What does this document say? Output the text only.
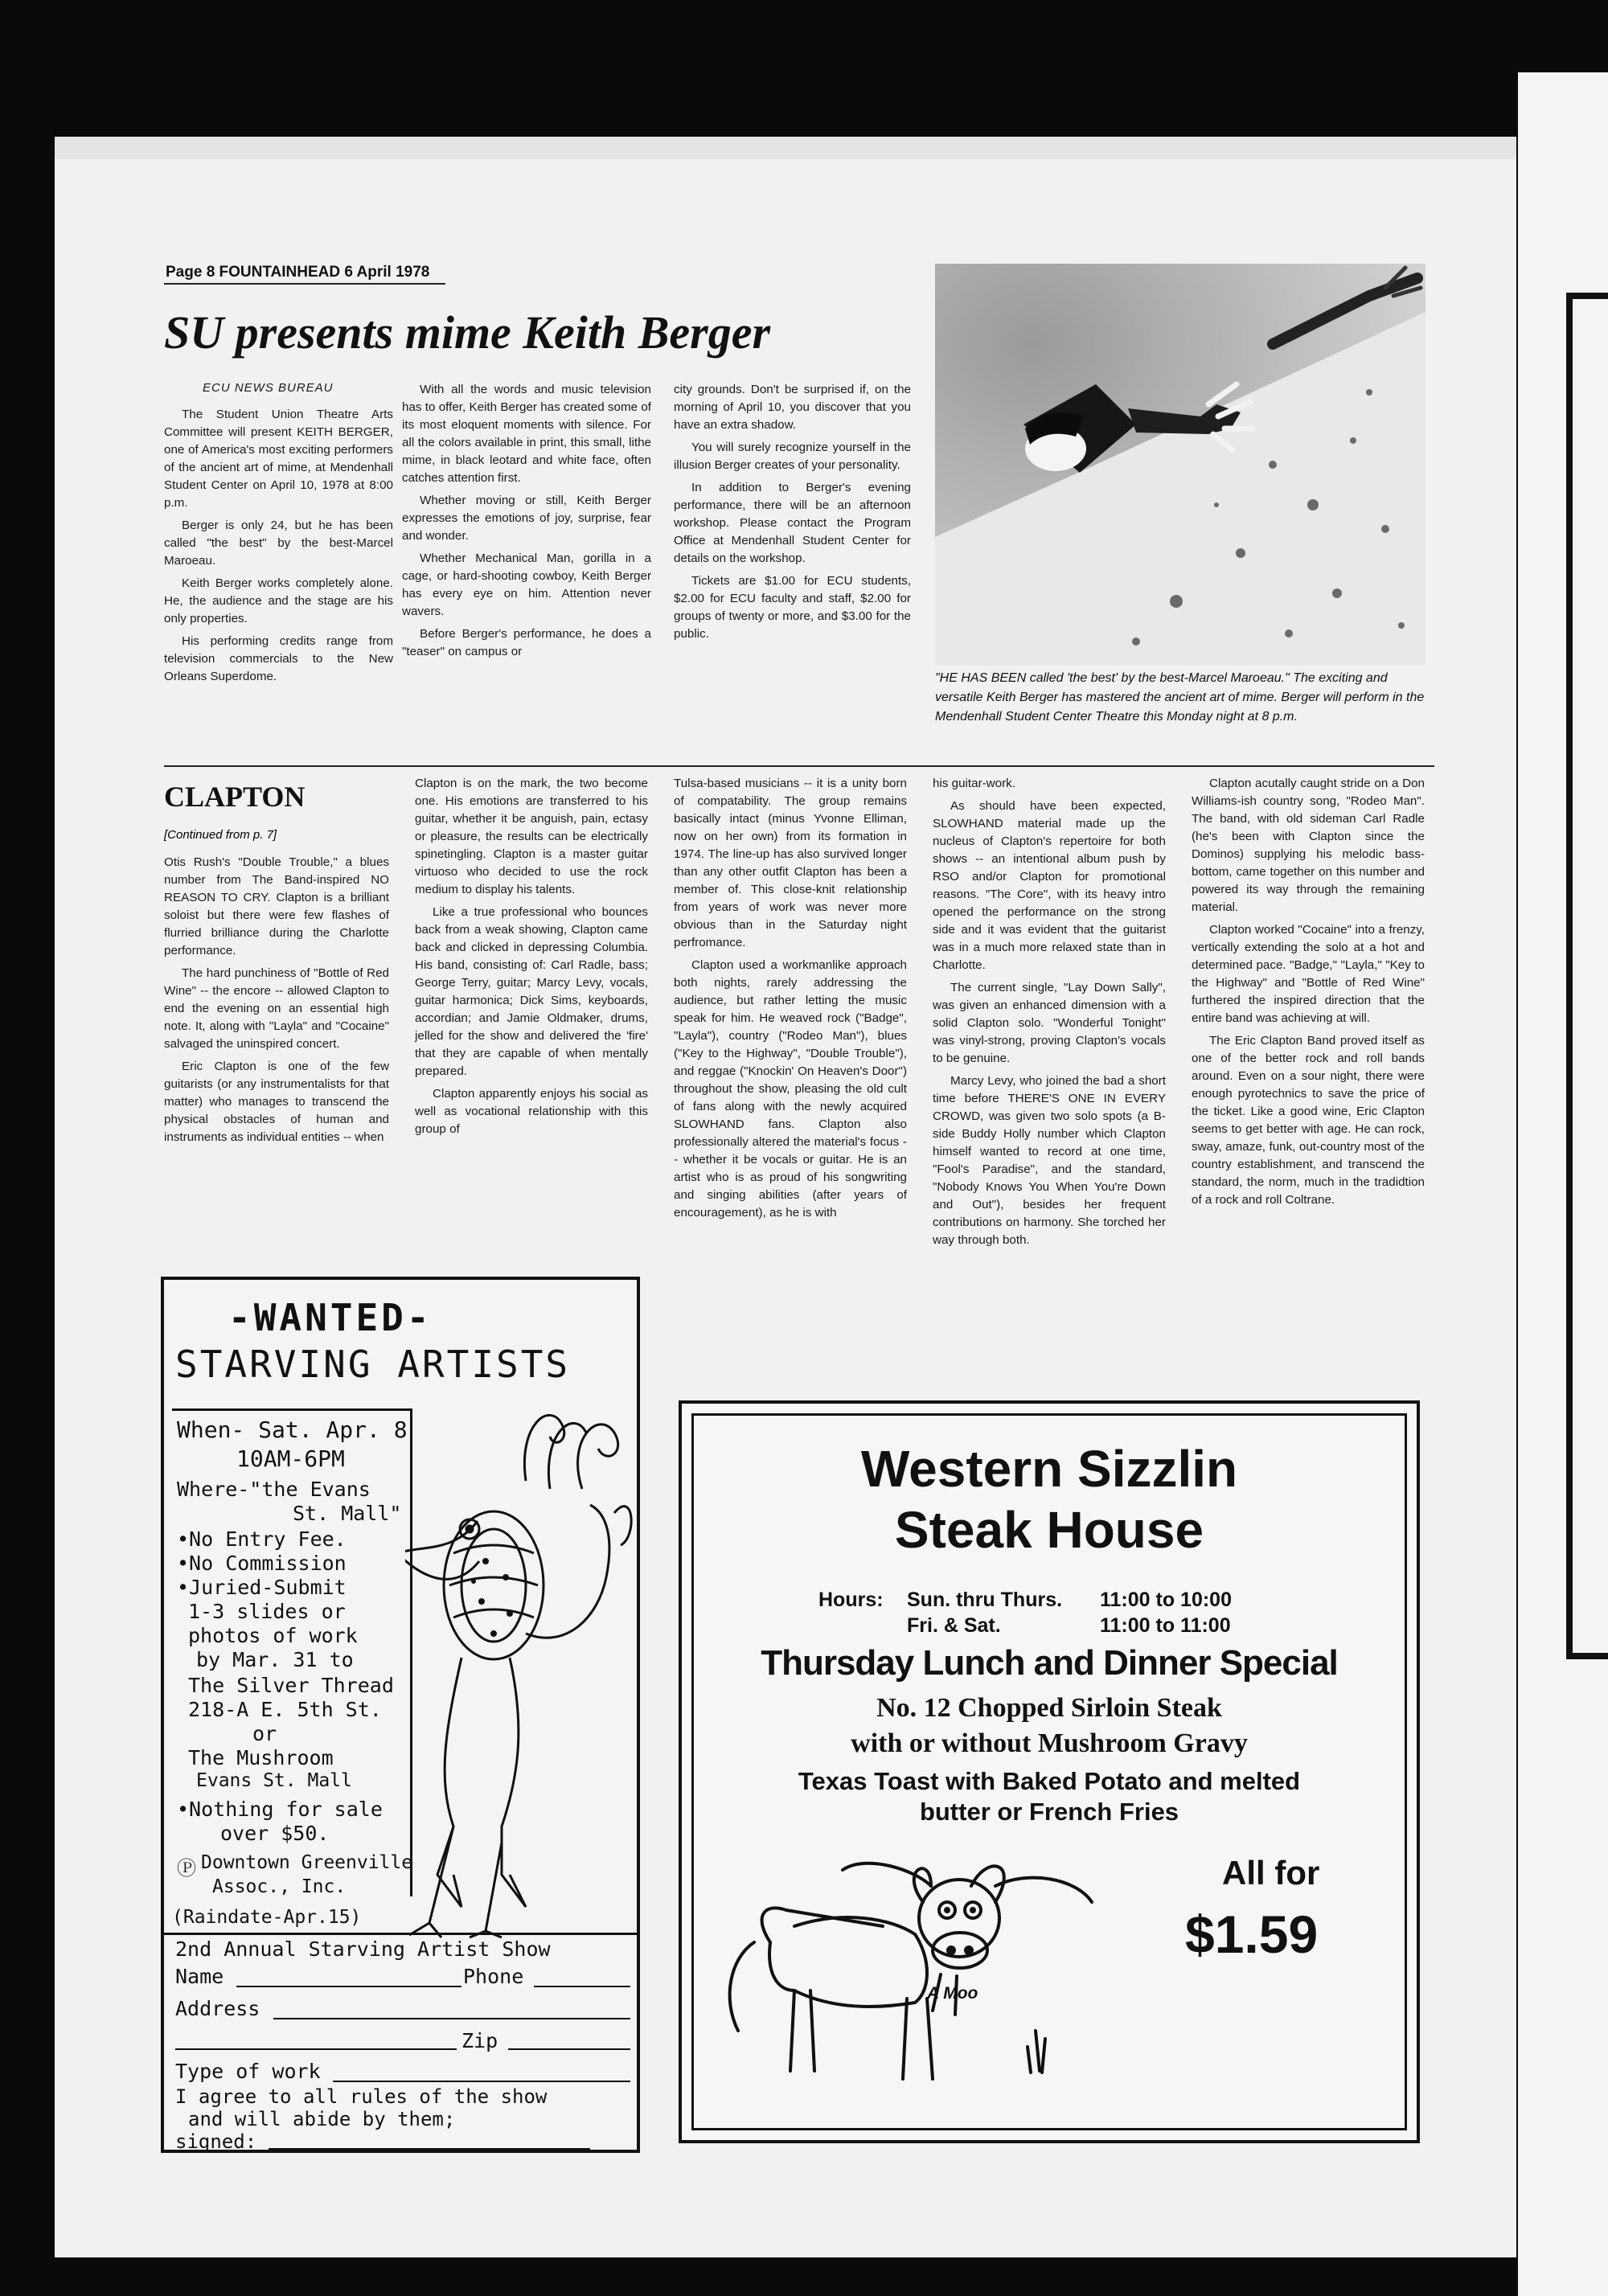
Page 8 FOUNTAINHEAD 6 April 1978
SU presents mime Keith Berger
ECU NEWS BUREAU

The Student Union Theatre Arts Committee will present KEITH BERGER, one of America's most exciting performers of the ancient art of mime, at Mendenhall Student Center on April 10, 1978 at 8:00 p.m.

Berger is only 24, but he has been called "the best" by the best-Marcel Maroeau.

Keith Berger works completely alone. He, the audience and the stage are his only properties.

His performing credits range from television commercials to the New Orleans Superdome.

With all the words and music television has to offer, Keith Berger has created some of its most eloquent moments with silence. For all the colors available in print, this small, lithe mime, in black leotard and white face, often catches attention first.

Whether moving or still, Keith Berger expresses the emotions of joy, surprise, fear and wonder.

Whether Mechanical Man, gorilla in a cage, or hard-shooting cowboy, Keith Berger has every eye on him. Attention never wavers.

Before Berger's performance, he does a "teaser" on campus or

city grounds. Don't be surprised if, on the morning of April 10, you discover that you have an extra shadow.

You will surely recognize yourself in the illusion Berger creates of your personality.

In addition to Berger's evening performance, there will be an afternoon workshop. Please contact the Program Office at Mendenhall Student Center for details on the workshop.

Tickets are $1.00 for ECU students, $2.00 for ECU faculty and staff, $2.00 for groups of twenty or more, and $3.00 for the public.

"HE HAS BEEN called 'the best' by the best-Marcel Maroeau." The exciting and versatile Keith Berger has mastered the ancient art of mime. Berger will perform in the Mendenhall Student Center Theatre this Monday night at 8 p.m.
CLAPTON
[Continued from p. 7]

Otis Rush's "Double Trouble," a blues number from The Band-inspired NO REASON TO CRY. Clapton is a brilliant soloist but there were few flashes of flurried brilliance during the Charlotte performance.

The hard punchiness of "Bottle of Red Wine" -- the encore -- allowed Clapton to end the evening on an essential high note. It, along with "Layla" and "Cocaine" salvaged the uninspired concert.

Eric Clapton is one of the few guitarists (or any instrumentalists for that matter) who manages to transcend the physical obstacles of human and instruments as individual entities -- when

Clapton is on the mark, the two become one. His emotions are transferred to his guitar, whether it be anguish, pain, ectasy or pleasure, the results can be electrically spinetingling. Clapton is a master guitar virtuoso who decided to use the rock medium to display his talents.

Like a true professional who bounces back from a weak showing, Clapton came back and clicked in depressing Columbia. His band, consisting of: Carl Radle, bass; George Terry, guitar; Marcy Levy, vocals, guitar harmonica; Dick Sims, keyboards, accordian; and Jamie Oldmaker, drums, jelled for the show and delivered the 'fire' that they are capable of when mentally prepared.

Clapton apparently enjoys his social as well as vocational relationship with this group of

Tulsa-based musicians -- it is a unity born of compatability. The group remains basically intact (minus Yvonne Elliman, now on her own) from its formation in 1974. The line-up has also survived longer than any other outfit Clapton has been a member of. This close-knit relationship from years of work was never more obvious than in the Saturday night perfromance.

Clapton used a workmanlike approach both nights, rarely addressing the audience, but rather letting the music speak for him. He weaved rock ("Badge", "Layla"), country ("Rodeo Man"), blues ("Key to the Highway", "Double Trouble"), and reggae ("Knockin' On Heaven's Door") throughout the show, pleasing the old cult of fans along with the newly acquired SLOWHAND fans. Clapton also professionally altered the material's focus -- whether it be vocals or guitar. He is an artist who is as proud of his songwriting and singing abilities (after years of encouragement), as he is with

his guitar-work.

As should have been expected, SLOWHAND material made up the nucleus of Clapton's repertoire for both shows -- an intentional album push by RSO and/or Clapton for promotional reasons. "The Core", with its heavy intro opened the performance on the strong side and it was evident that the guitarist was in a much more relaxed state than in Charlotte.

The current single, "Lay Down Sally", was given an enhanced dimension with a solid Clapton solo. "Wonderful Tonight" was vinyl-strong, proving Clapton's vocals to be genuine.

Marcy Levy, who joined the bad a short time before THERE'S ONE IN EVERY CROWD, was given two solo spots (a B-side Buddy Holly number which Clapton himself wanted to record at one time, "Fool's Paradise", and the standard, "Nobody Knows You When You're Down and Out"), besides her frequent contributions on harmony. She torched her way through both.

Clapton acutally caught stride on a Don Williams-ish country song, "Rodeo Man". The band, with old sideman Carl Radle (he's been with Clapton since the Dominos) supplying his melodic bass-bottom, came together on this number and powered its way through the remaining material.

Clapton worked "Cocaine" into a frenzy, vertically extending the solo at a hot and determined pace. "Badge," "Layla," "Key to the Highway" and "Bottle of Red Wine" furthered the inspired direction that the entire band was achieving at will.

The Eric Clapton Band proved itself as one of the better rock and roll bands around. Even on a sour night, there were enough pyrotechnics to save the price of the ticket. Like a good wine, Eric Clapton seems to get better with age. He can rock, sway, amaze, funk, out-country most of the country establishment, and transcend the standard, the norm, much in the tradidtion of a rock and roll Coltrane.

-WANTED-
STARVING ARTISTS
When- Sat. Apr. 8
10AM-6PM
Where-"the Evans
St. Mall"
•No Entry Fee.
•No Commission
•Juried-Submit
1-3 slides or
photos of work
by Mar. 31 to
The Silver Thread
218-A E. 5th St.
or
The Mushroom
Evans St. Mall
•Nothing for sale
over $50.
Ⓟ Downtown Greenville
Assoc., Inc.
(Raindate-Apr.15)
2nd Annual Starving Artist Show
Name	Phone
Address
Zip
Type of work
I agree to all rules of the show
and will abide by them;
signed:
Western Sizzlin
Steak House
Hours: Sun. thru Thurs. 11:00 to 10:00
Fri. & Sat.	11:00 to 11:00
Thursday Lunch and Dinner Special
No. 12 Chopped Sirloin Steak
with or without Mushroom Gravy
Texas Toast with Baked Potato and melted
butter or French Fries
A Moo
All for
$1.59
